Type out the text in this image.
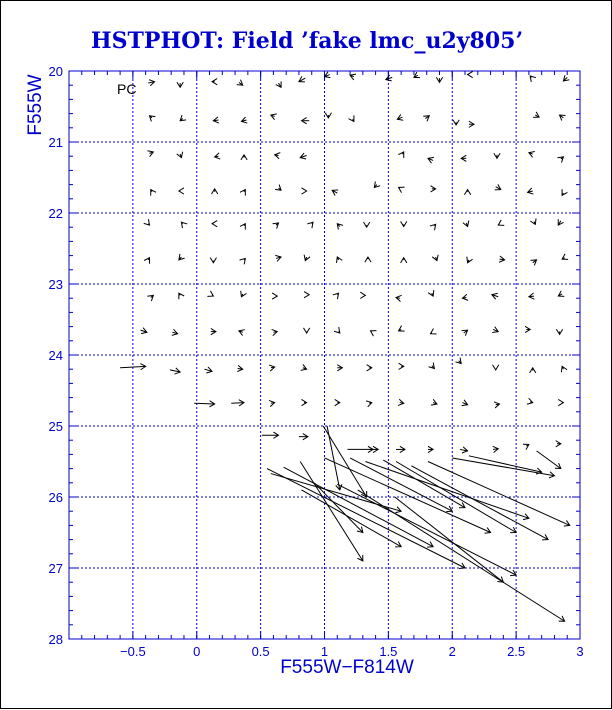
HSTPHOT: Field ’fake lmc_u2y805’
−0.5	0	0.5	1	1.5	2	2.5	3
20
21
22
23
24
25
26
27
28
PC
F555W−F814W
F555W
